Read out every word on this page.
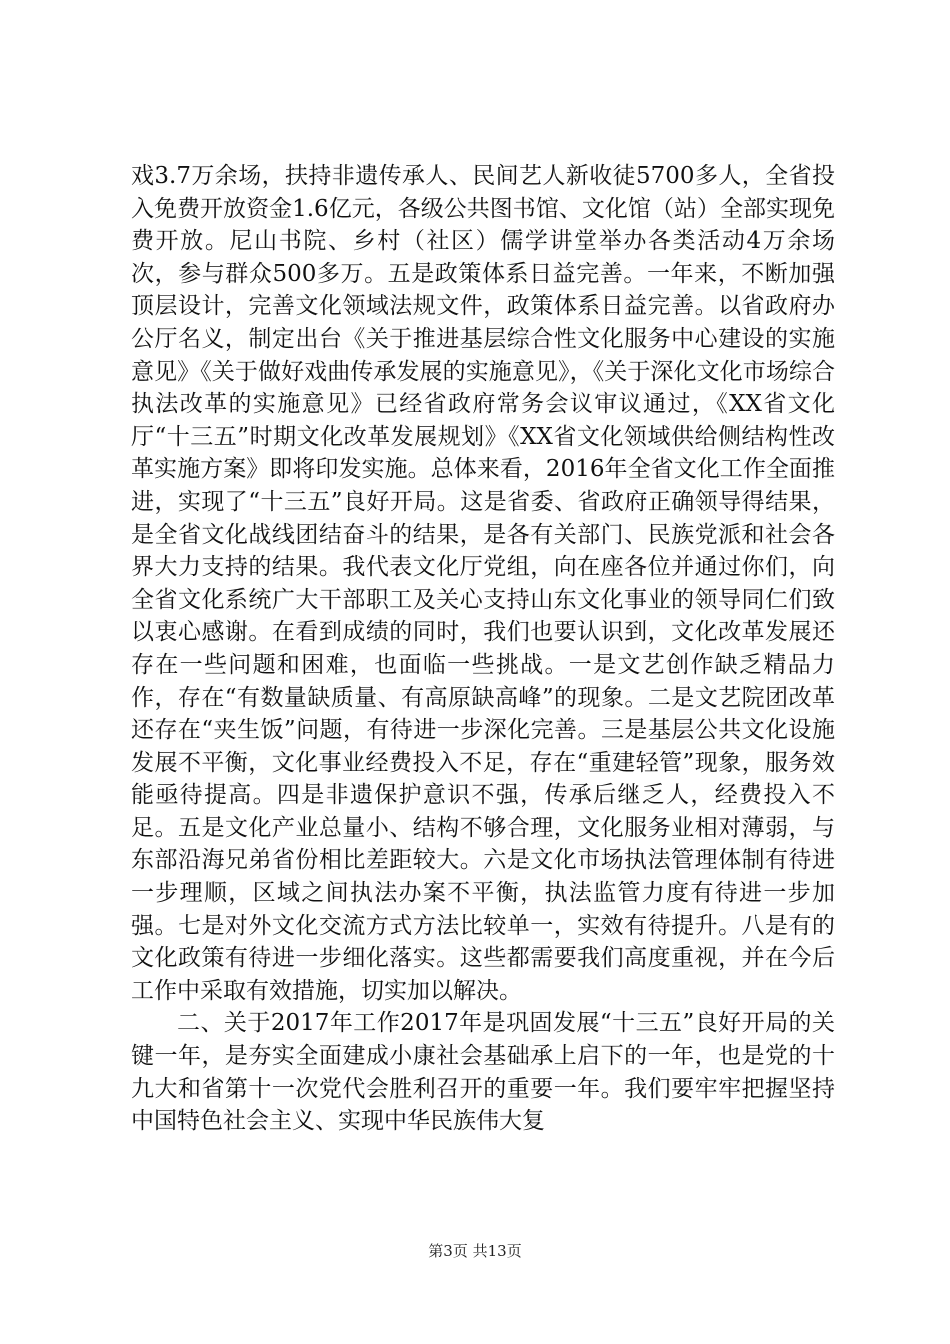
戏3.7万余场，扶持非遗传承人、民间艺人新收徒5700多人，全省投入免费开放资金1.6亿元，各级公共图书馆、文化馆（站）全部实现免费开放。尼山书院、乡村（社区）儒学讲堂举办各类活动4万余场次，参与群众500多万。五是政策体系日益完善。一年来，不断加强顶层设计，完善文化领域法规文件，政策体系日益完善。以省政府办公厅名义，制定出台《关于推进基层综合性文化服务中心建设的实施意见》《关于做好戏曲传承发展的实施意见》，《关于深化文化市场综合执法改革的实施意见》已经省政府常务会议审议通过，《XX省文化厅“十三五”时期文化改革发展规划》《XX省文化领域供给侧结构性改革实施方案》即将印发实施。总体来看，2016年全省文化工作全面推进，实现了“十三五”良好开局。这是省委、省政府正确领导得结果，是全省文化战线团结奋斗的结果，是各有关部门、民族党派和社会各界大力支持的结果。我代表文化厅党组，向在座各位并通过你们，向全省文化系统广大干部职工及关心支持山东文化事业的领导同仁们致以衷心感谢。在看到成绩的同时，我们也要认识到，文化改革发展还存在一些问题和困难，也面临一些挑战。一是文艺创作缺乏精品力作，存在“有数量缺质量、有高原缺高峰”的现象。二是文艺院团改革还存在“夹生饭”问题，有待进一步深化完善。三是基层公共文化设施发展不平衡，文化事业经费投入不足，存在“重建轻管”现象，服务效能亟待提高。四是非遗保护意识不强，传承后继乏人，经费投入不足。五是文化产业总量小、结构不够合理，文化服务业相对薄弱，与东部沿海兄弟省份相比差距较大。六是文化市场执法管理体制有待进一步理顺，区域之间执法办案不平衡，执法监管力度有待进一步加强。七是对外文化交流方式方法比较单一，实效有待提升。八是有的文化政策有待进一步细化落实。这些都需要我们高度重视，并在今后工作中采取有效措施，切实加以解决。

二、关于2017年工作2017年是巩固发展“十三五”良好开局的关键一年，是夯实全面建成小康社会基础承上启下的一年，也是党的十九大和省第十一次党代会胜利召开的重要一年。我们要牢牢把握坚持中国特色社会主义、实现中华民族伟大复

第3页 共13页
